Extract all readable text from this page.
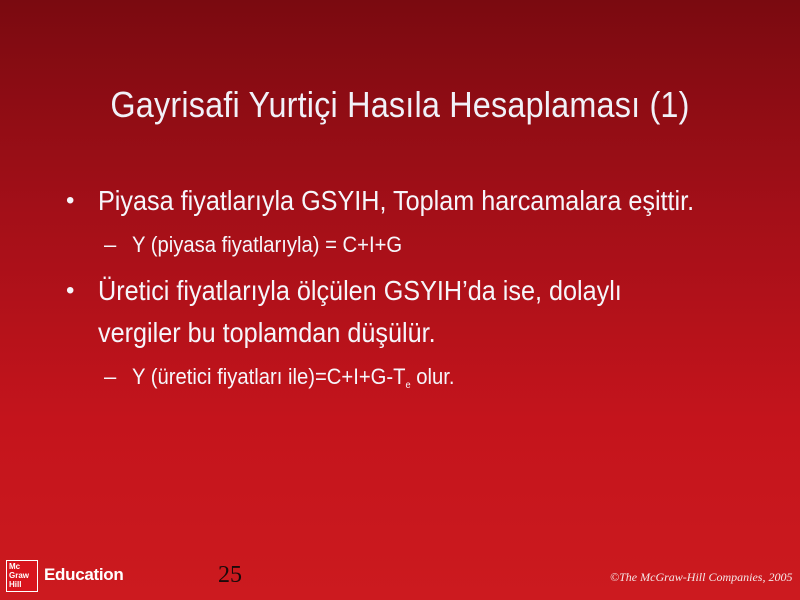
Gayrisafi Yurtiçi Hasıla Hesaplaması (1)
• Piyasa fiyatlarıyla GSYIH, Toplam harcamalara eşittir.
– Y (piyasa fiyatlarıyla) = C+I+G
• Üretici fiyatlarıyla ölçülen GSYIH’da ise, dolaylı vergiler bu toplamdan düşülür.
– Y (üretici fiyatları $ile)=C+I+G-T_e$ olur.
Mc
Graw
Hill
Education	25	©The McGraw-Hill Companies, 2005
